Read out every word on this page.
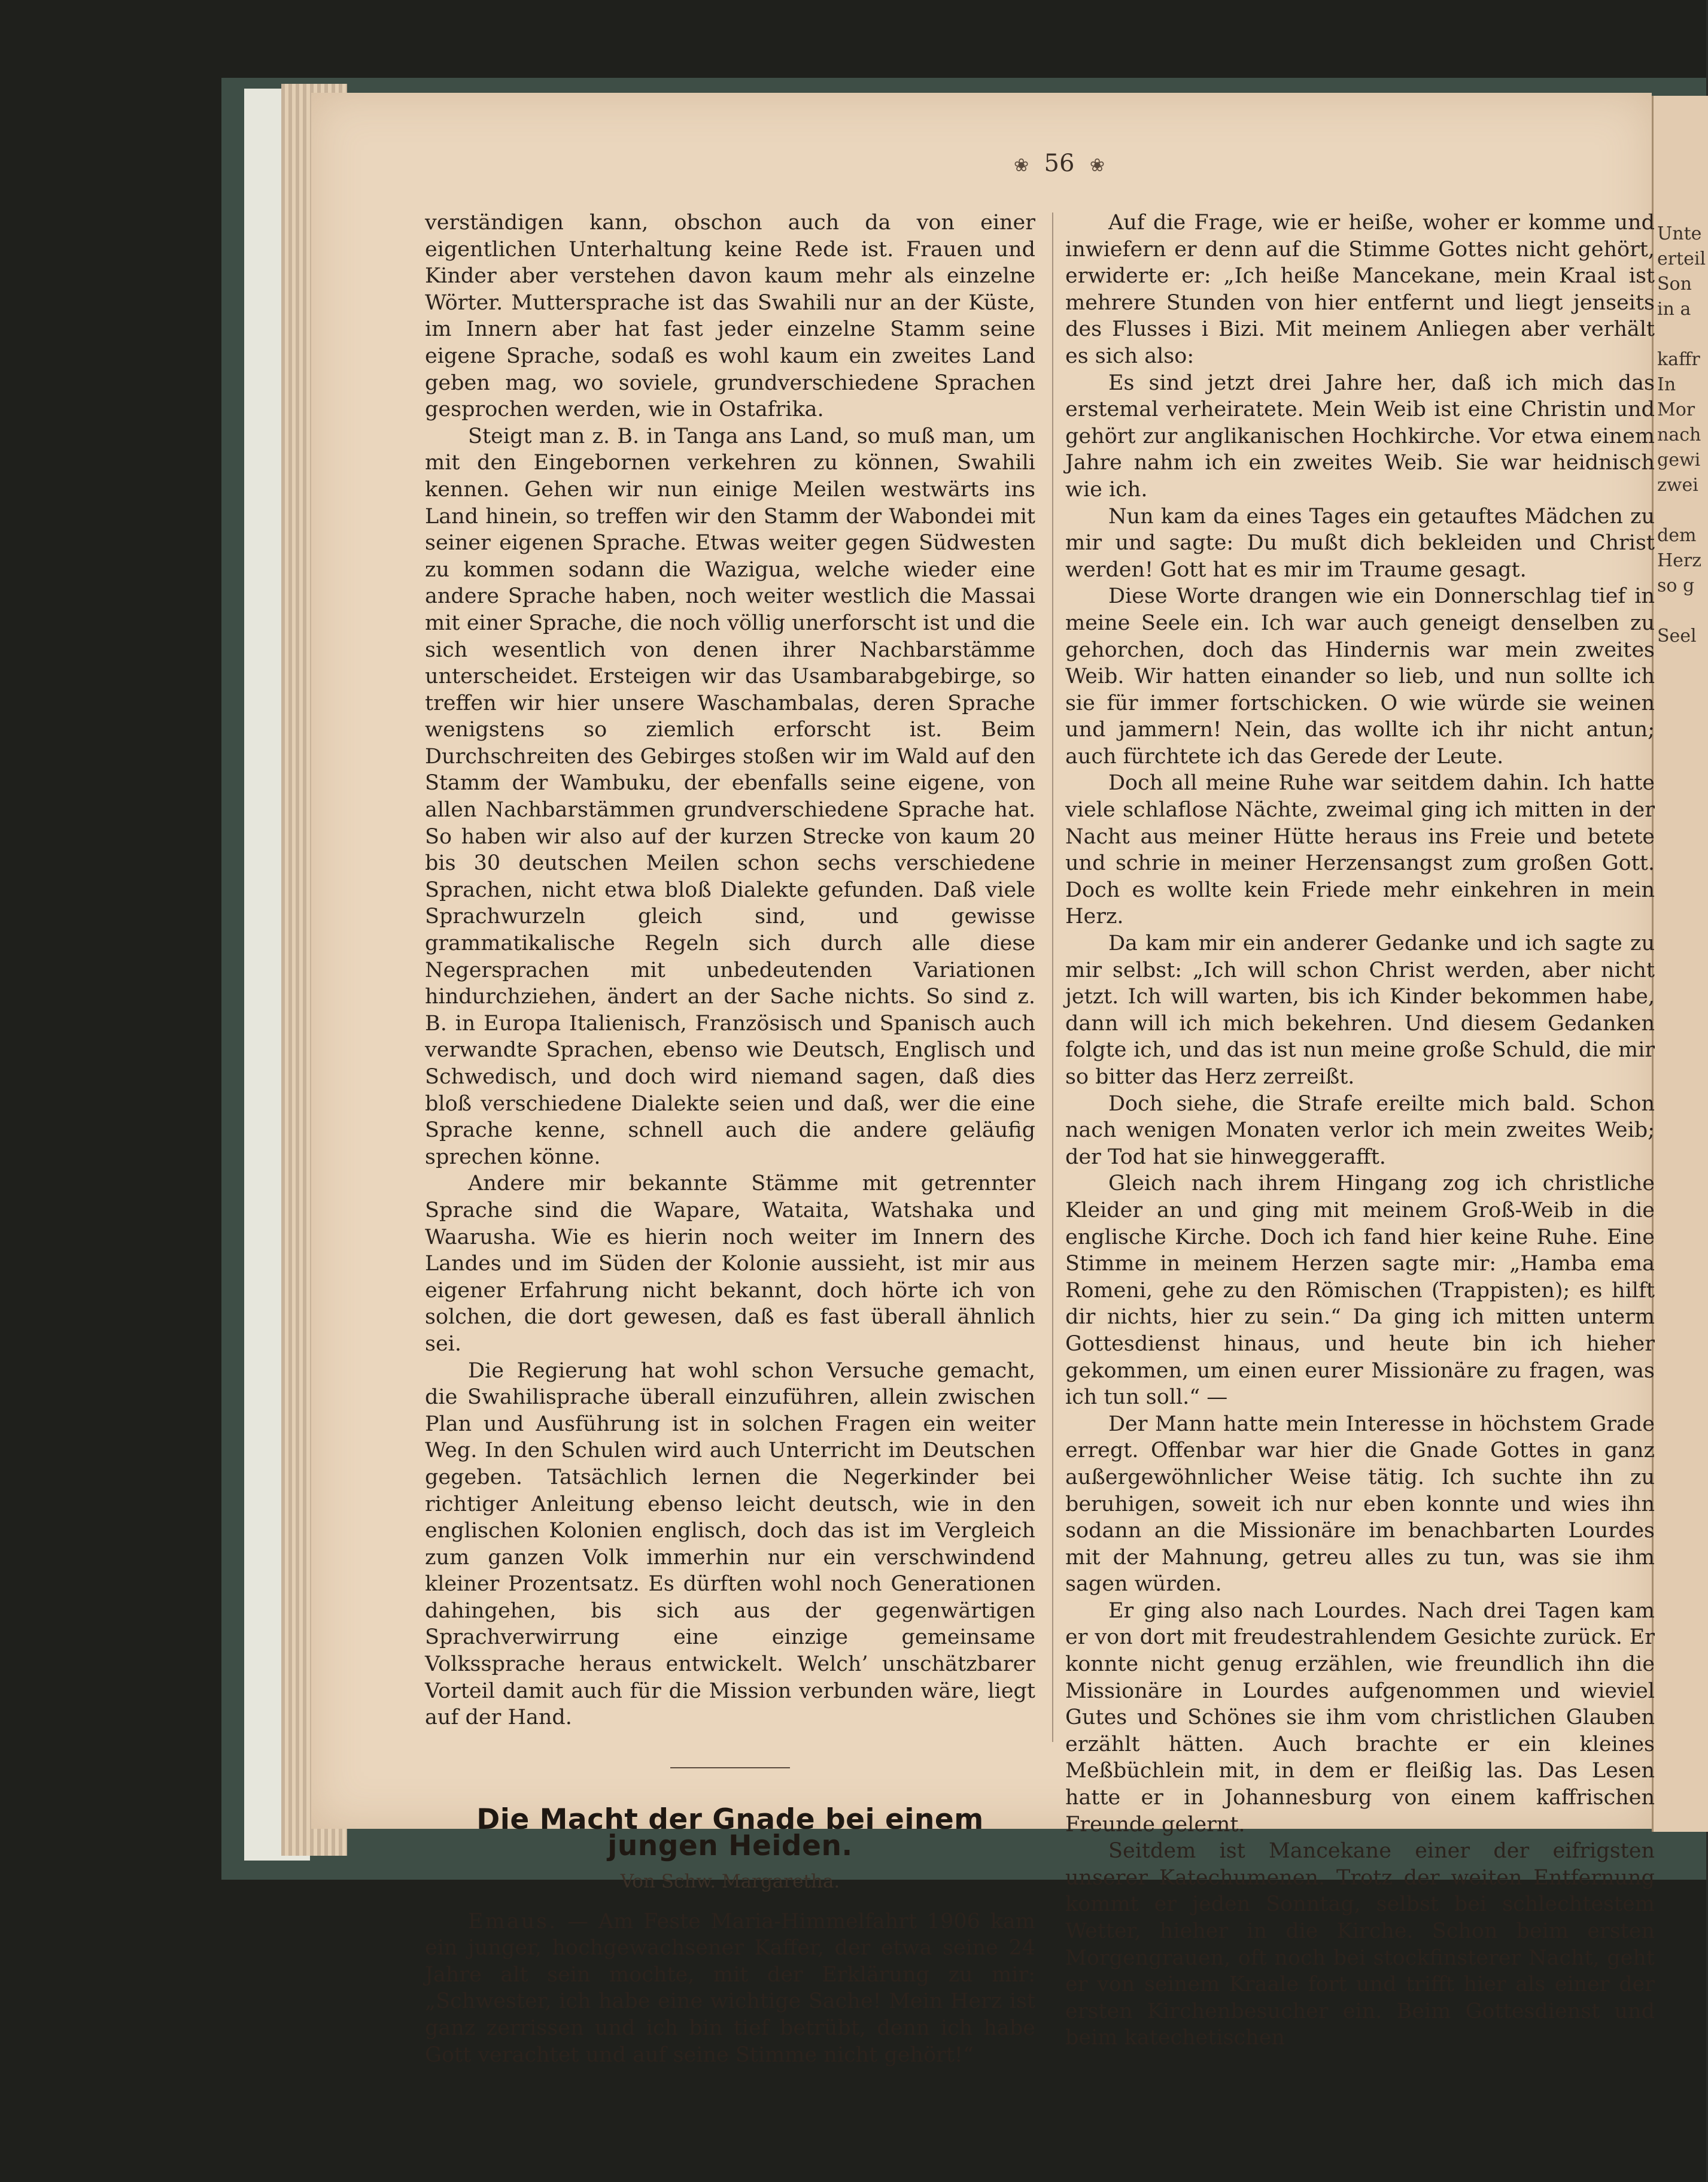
Unte
erteil
Son
in a

kaffr
In
Mor
nach
gewi
zwei

dem
Herz
so g

Seel
❀ 56 ❀

verständigen kann, obschon auch da von einer eigentlichen Unterhaltung keine Rede ist. Frauen und Kinder aber verstehen davon kaum mehr als einzelne Wörter. Muttersprache ist das Swahili nur an der Küste, im Innern aber hat fast jeder einzelne Stamm seine eigene Sprache, sodaß es wohl kaum ein zweites Land geben mag, wo soviele, grundverschiedene Sprachen gesprochen werden, wie in Ostafrika.

Steigt man z. B. in Tanga ans Land, so muß man, um mit den Eingebornen verkehren zu können, Swahili kennen. Gehen wir nun einige Meilen westwärts ins Land hinein, so treffen wir den Stamm der Wabondei mit seiner eigenen Sprache. Etwas weiter gegen Südwesten zu kommen sodann die Wazigua, welche wieder eine andere Sprache haben, noch weiter westlich die Massai mit einer Sprache, die noch völlig unerforscht ist und die sich wesentlich von denen ihrer Nachbarstämme unterscheidet. Ersteigen wir das Usambarabgebirge, so treffen wir hier unsere Waschambalas, deren Sprache wenigstens so ziemlich erforscht ist. Beim Durchschreiten des Gebirges stoßen wir im Wald auf den Stamm der Wambuku, der ebenfalls seine eigene, von allen Nachbarstämmen grundverschiedene Sprache hat. So haben wir also auf der kurzen Strecke von kaum 20 bis 30 deutschen Meilen schon sechs verschiedene Sprachen, nicht etwa bloß Dialekte gefunden. Daß viele Sprachwurzeln gleich sind, und gewisse grammatikalische Regeln sich durch alle diese Negersprachen mit unbedeutenden Variationen hindurchziehen, ändert an der Sache nichts. So sind z. B. in Europa Italienisch, Französisch und Spanisch auch verwandte Sprachen, ebenso wie Deutsch, Englisch und Schwedisch, und doch wird niemand sagen, daß dies bloß verschiedene Dialekte seien und daß, wer die eine Sprache kenne, schnell auch die andere geläufig sprechen könne.

Andere mir bekannte Stämme mit getrennter Sprache sind die Wapare, Wataita, Watshaka und Waarusha. Wie es hierin noch weiter im Innern des Landes und im Süden der Kolonie aussieht, ist mir aus eigener Erfahrung nicht bekannt, doch hörte ich von solchen, die dort gewesen, daß es fast überall ähnlich sei.

Die Regierung hat wohl schon Versuche gemacht, die Swahilisprache überall einzuführen, allein zwischen Plan und Ausführung ist in solchen Fragen ein weiter Weg. In den Schulen wird auch Unterricht im Deutschen gegeben. Tatsächlich lernen die Negerkinder bei richtiger Anleitung ebenso leicht deutsch, wie in den englischen Kolonien englisch, doch das ist im Vergleich zum ganzen Volk immerhin nur ein verschwindend kleiner Prozentsatz. Es dürften wohl noch Generationen dahingehen, bis sich aus der gegenwärtigen Sprachverwirrung eine einzige gemeinsame Volkssprache heraus entwickelt. Welch’ unschätzbarer Vorteil damit auch für die Mission verbunden wäre, liegt auf der Hand.

Die Macht der Gnade bei einem jungen Heiden.
Von Schw. Margaretha.

Emaus. — Am Feste Maria-Himmelfahrt 1906 kam ein junger, hochgewachsener Kaffer, der etwa seine 24 Jahre alt sein mochte, mit der Erklärung zu mir: „Schwester, ich habe eine wichtige Sache! Mein Herz ist ganz zerrissen und ich bin tief betrübt, denn ich habe Gott verachtet und auf seine Stimme nicht gehört!“

Auf die Frage, wie er heiße, woher er komme und inwiefern er denn auf die Stimme Gottes nicht gehört, erwiderte er: „Ich heiße Mancekane, mein Kraal ist mehrere Stunden von hier entfernt und liegt jenseits des Flusses i Bizi. Mit meinem Anliegen aber verhält es sich also:

Es sind jetzt drei Jahre her, daß ich mich das erstemal verheiratete. Mein Weib ist eine Christin und gehört zur anglikanischen Hochkirche. Vor etwa einem Jahre nahm ich ein zweites Weib. Sie war heidnisch wie ich.

Nun kam da eines Tages ein getauftes Mädchen zu mir und sagte: Du mußt dich bekleiden und Christ werden! Gott hat es mir im Traume gesagt.

Diese Worte drangen wie ein Donnerschlag tief in meine Seele ein. Ich war auch geneigt denselben zu gehorchen, doch das Hindernis war mein zweites Weib. Wir hatten einander so lieb, und nun sollte ich sie für immer fortschicken. O wie würde sie weinen und jammern! Nein, das wollte ich ihr nicht antun; auch fürchtete ich das Gerede der Leute.

Doch all meine Ruhe war seitdem dahin. Ich hatte viele schlaflose Nächte, zweimal ging ich mitten in der Nacht aus meiner Hütte heraus ins Freie und betete und schrie in meiner Herzensangst zum großen Gott. Doch es wollte kein Friede mehr einkehren in mein Herz.

Da kam mir ein anderer Gedanke und ich sagte zu mir selbst: „Ich will schon Christ werden, aber nicht jetzt. Ich will warten, bis ich Kinder bekommen habe, dann will ich mich bekehren. Und diesem Gedanken folgte ich, und das ist nun meine große Schuld, die mir so bitter das Herz zerreißt.

Doch siehe, die Strafe ereilte mich bald. Schon nach wenigen Monaten verlor ich mein zweites Weib; der Tod hat sie hinweggerafft.

Gleich nach ihrem Hingang zog ich christliche Kleider an und ging mit meinem Groß-Weib in die englische Kirche. Doch ich fand hier keine Ruhe. Eine Stimme in meinem Herzen sagte mir: „Hamba ema Romeni, gehe zu den Römischen (Trappisten); es hilft dir nichts, hier zu sein.“ Da ging ich mitten unterm Gottesdienst hinaus, und heute bin ich hieher gekommen, um einen eurer Missionäre zu fragen, was ich tun soll.“ —

Der Mann hatte mein Interesse in höchstem Grade erregt. Offenbar war hier die Gnade Gottes in ganz außergewöhnlicher Weise tätig. Ich suchte ihn zu beruhigen, soweit ich nur eben konnte und wies ihn sodann an die Missionäre im benachbarten Lourdes mit der Mahnung, getreu alles zu tun, was sie ihm sagen würden.

Er ging also nach Lourdes. Nach drei Tagen kam er von dort mit freudestrahlendem Gesichte zurück. Er konnte nicht genug erzählen, wie freundlich ihn die Missionäre in Lourdes aufgenommen und wieviel Gutes und Schönes sie ihm vom christlichen Glauben erzählt hätten. Auch brachte er ein kleines Meßbüchlein mit, in dem er fleißig las. Das Lesen hatte er in Johannesburg von einem kaffrischen Freunde gelernt.

Seitdem ist Mancekane einer der eifrigsten unserer Katechumenen. Trotz der weiten Entfernung kommt er jeden Sonntag, selbst bei schlechtestem Wetter, hieher in die Kirche. Schon beim ersten Morgengrauen, oft noch bei stockfinsterer Nacht, geht er von seinem Kraale fort und trifft hier als einer der ersten Kirchenbesucher ein. Beim Gottesdienst und beim katechetischen
